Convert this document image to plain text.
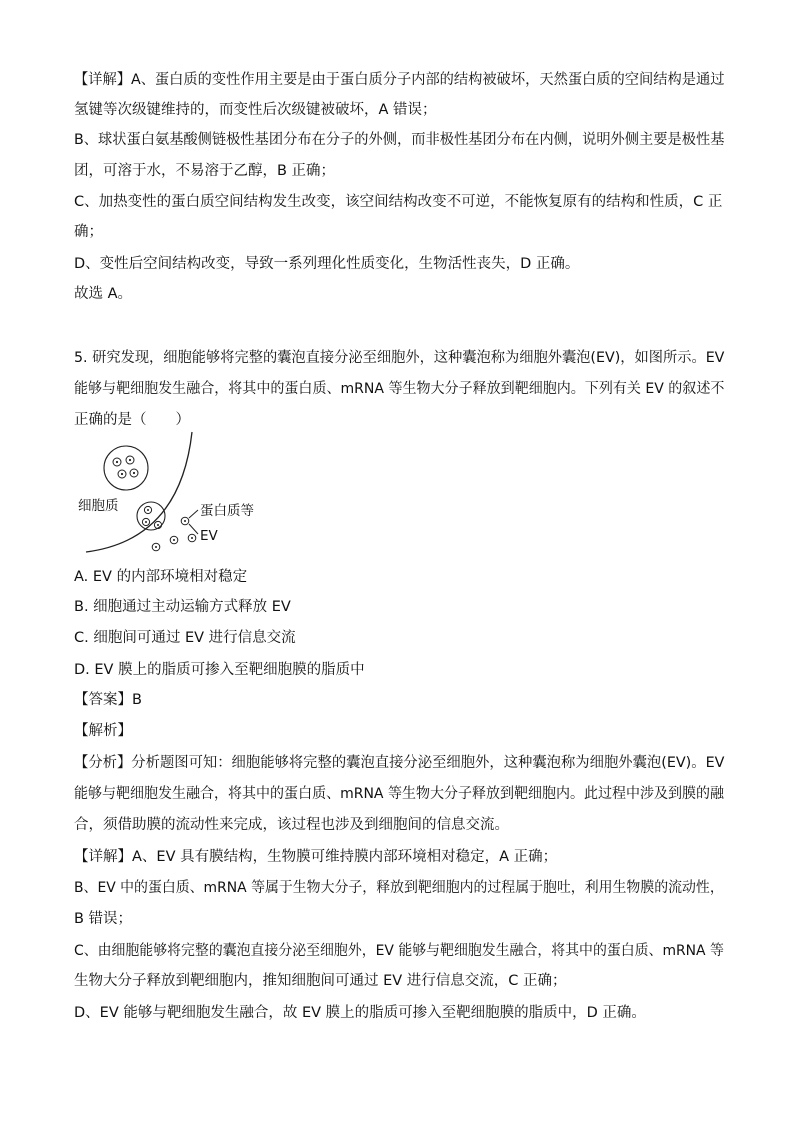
【详解】A、蛋白质的变性作用主要是由于蛋白质分子内部的结构被破坏，天然蛋白质的空间结构是通过
氢键等次级键维持的，而变性后次级键被破坏，A 错误；
B、球状蛋白氨基酸侧链极性基团分布在分子的外侧，而非极性基团分布在内侧，说明外侧主要是极性基
团，可溶于水，不易溶于乙醇，B 正确；
C、加热变性的蛋白质空间结构发生改变，该空间结构改变不可逆，不能恢复原有的结构和性质，C 正
确；
D、变性后空间结构改变，导致一系列理化性质变化，生物活性丧失，D 正确。
故选 A。
5. 研究发现，细胞能够将完整的囊泡直接分泌至细胞外，这种囊泡称为细胞外囊泡(EV)，如图所示。EV
能够与靶细胞发生融合，将其中的蛋白质、mRNA 等生物大分子释放到靶细胞内。下列有关 EV 的叙述不
正确的是（　　）
细胞质	蛋白质等
EV
A. EV 的内部环境相对稳定
B. 细胞通过主动运输方式释放 EV
C. 细胞间可通过 EV 进行信息交流
D. EV 膜上的脂质可掺入至靶细胞膜的脂质中
【答案】B
【解析】
【分析】分析题图可知：细胞能够将完整的囊泡直接分泌至细胞外，这种囊泡称为细胞外囊泡(EV)。EV
能够与靶细胞发生融合，将其中的蛋白质、mRNA 等生物大分子释放到靶细胞内。此过程中涉及到膜的融
合，须借助膜的流动性来完成，该过程也涉及到细胞间的信息交流。
【详解】A、EV 具有膜结构，生物膜可维持膜内部环境相对稳定，A 正确；
B、EV 中的蛋白质、mRNA 等属于生物大分子，释放到靶细胞内的过程属于胞吐，利用生物膜的流动性，
B 错误；
C、由细胞能够将完整的囊泡直接分泌至细胞外，EV 能够与靶细胞发生融合，将其中的蛋白质、mRNA 等
生物大分子释放到靶细胞内，推知细胞间可通过 EV 进行信息交流，C 正确；
D、EV 能够与靶细胞发生融合，故 EV 膜上的脂质可掺入至靶细胞膜的脂质中，D 正确。
